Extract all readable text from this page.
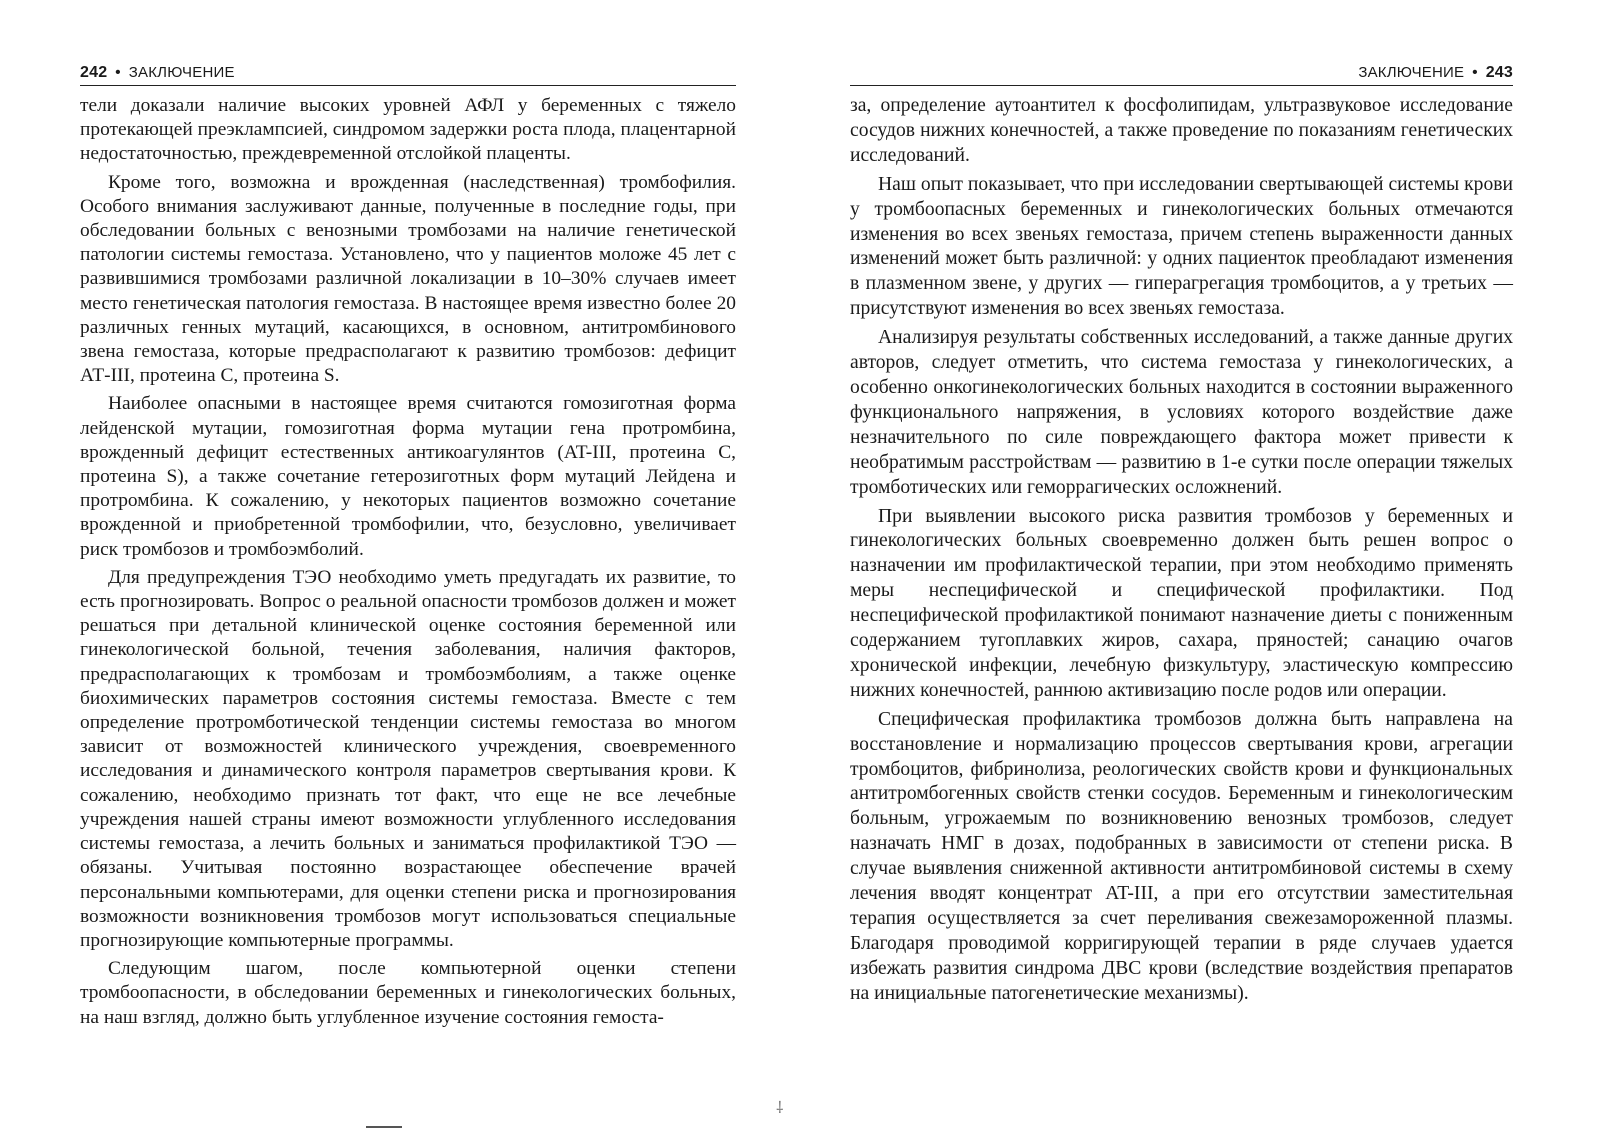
242 • ЗАКЛЮЧЕНИЕ

тели доказали наличие высоких уровней АФЛ у беременных с тяжело протекающей преэклампсией, синдромом задержки роста плода, плацентарной недостаточностью, преждевременной отслойкой плаценты.

Кроме того, возможна и врожденная (наследственная) тромбофилия. Особого внимания заслуживают данные, полученные в последние годы, при обследовании больных с венозными тромбозами на наличие генетической патологии системы гемостаза. Установлено, что у пациентов моложе 45 лет с развившимися тромбозами различной локализации в 10–30% случаев имеет место генетическая патология гемостаза. В настоящее время известно более 20 различных генных мутаций, касающихся, в основном, антитромбинового звена гемостаза, которые предрасполагают к развитию тромбозов: дефицит АТ-III, протеина С, протеина S.

Наиболее опасными в настоящее время считаются гомозиготная форма лейденской мутации, гомозиготная форма мутации гена протромбина, врожденный дефицит естественных антикоагулянтов (AT-III, протеина С, протеина S), а также сочетание гетерозиготных форм мутаций Лейдена и протромбина. К сожалению, у некоторых пациентов возможно сочетание врожденной и приобретенной тромбофилии, что, безусловно, увеличивает риск тромбозов и тромбоэмболий.

Для предупреждения ТЭО необходимо уметь предугадать их развитие, то есть прогнозировать. Вопрос о реальной опасности тромбозов должен и может решаться при детальной клинической оценке состояния беременной или гинекологической больной, течения заболевания, наличия факторов, предрасполагающих к тромбозам и тромбоэмболиям, а также оценке биохимических параметров состояния системы гемостаза. Вместе с тем определение протромботической тенденции системы гемостаза во многом зависит от возможностей клинического учреждения, своевременного исследования и динамического контроля параметров свертывания крови. К сожалению, необходимо признать тот факт, что еще не все лечебные учреждения нашей страны имеют возможности углубленного исследования системы гемостаза, а лечить больных и заниматься профилактикой ТЭО — обязаны. Учитывая постоянно возрастающее обеспечение врачей персональными компьютерами, для оценки степени риска и прогнозирования возможности возникновения тромбозов могут использоваться специальные прогнозирующие компьютерные программы.

Следующим шагом, после компьютерной оценки степени тромбоопасности, в обследовании беременных и гинекологических больных, на наш взгляд, должно быть углубленное изучение состояния гемоста-

ЗАКЛЮЧЕНИЕ • 243

за, определение аутоантител к фосфолипидам, ультразвуковое исследование сосудов нижних конечностей, а также проведение по показаниям генетических исследований.

Наш опыт показывает, что при исследовании свертывающей системы крови у тромбоопасных беременных и гинекологических больных отмечаются изменения во всех звеньях гемостаза, причем степень выраженности данных изменений может быть различной: у одних пациенток преобладают изменения в плазменном звене, у других — гиперагрегация тромбоцитов, а у третьих — присутствуют изменения во всех звеньях гемостаза.

Анализируя результаты собственных исследований, а также данные других авторов, следует отметить, что система гемостаза у гинекологических, а особенно онкогинекологических больных находится в состоянии выраженного функционального напряжения, в условиях которого воздействие даже незначительного по силе повреждающего фактора может привести к необратимым расстройствам — развитию в 1-е сутки после операции тяжелых тромботических или геморрагических осложнений.

При выявлении высокого риска развития тромбозов у беременных и гинекологических больных своевременно должен быть решен вопрос о назначении им профилактической терапии, при этом необходимо применять меры неспецифической и специфической профилактики. Под неспецифической профилактикой понимают назначение диеты с пониженным содержанием тугоплавких жиров, сахара, пряностей; санацию очагов хронической инфекции, лечебную физкультуру, эластическую компрессию нижних конечностей, раннюю активизацию после родов или операции.

Специфическая профилактика тромбозов должна быть направлена на восстановление и нормализацию процессов свертывания крови, агрегации тромбоцитов, фибринолиза, реологических свойств крови и функциональных антитромбогенных свойств стенки сосудов. Беременным и гинекологическим больным, угрожаемым по возникновению венозных тромбозов, следует назначать НМГ в дозах, подобранных в зависимости от степени риска. В случае выявления сниженной активности антитромбиновой системы в схему лечения вводят концентрат AT-III, а при его отсутствии заместительная терапия осуществляется за счет переливания свежезамороженной плазмы. Благодаря проводимой корригирующей терапии в ряде случаев удается избежать развития синдрома ДВС крови (вследствие воздействия препаратов на инициальные патогенетические механизмы).

⸸
